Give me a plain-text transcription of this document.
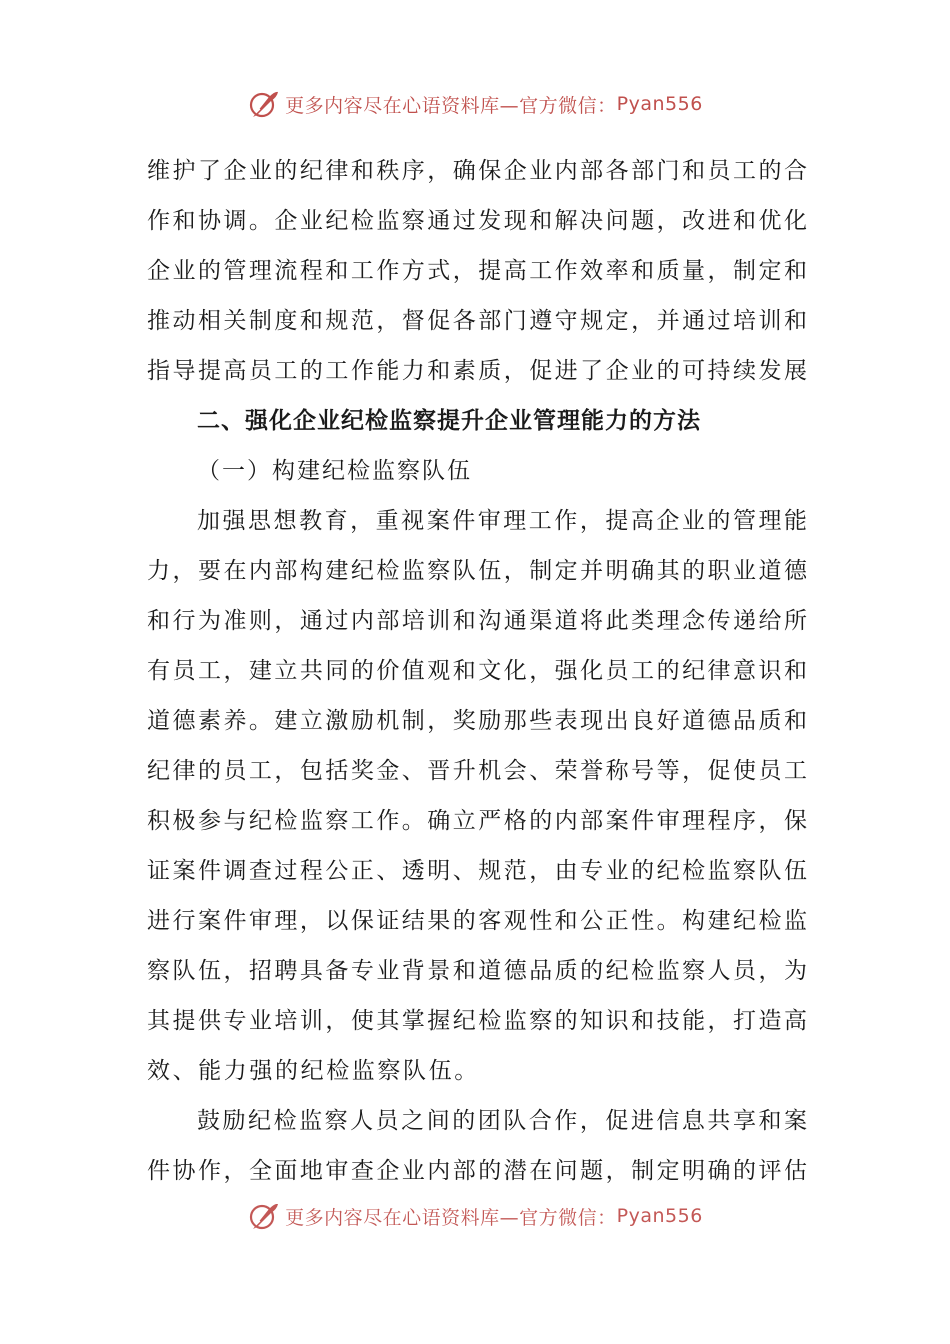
更多内容尽在心语资料库—官方微信： Pyan556
维护了企业的纪律和秩序，确保企业内部各部门和员工的合
作和协调。企业纪检监察通过发现和解决问题，改进和优化
企业的管理流程和工作方式，提高工作效率和质量，制定和
推动相关制度和规范，督促各部门遵守规定，并通过培训和
指导提高员工的工作能力和素质，促进了企业的可持续发展
二、强化企业纪检监察提升企业管理能力的方法
（一）构建纪检监察队伍
加强思想教育，重视案件审理工作，提高企业的管理能
力，要在内部构建纪检监察队伍，制定并明确其的职业道德
和行为准则，通过内部培训和沟通渠道将此类理念传递给所
有员工，建立共同的价值观和文化，强化员工的纪律意识和
道德素养。建立激励机制，奖励那些表现出良好道德品质和
纪律的员工，包括奖金、晋升机会、荣誉称号等，促使员工
积极参与纪检监察工作。确立严格的内部案件审理程序，保
证案件调查过程公正、透明、规范，由专业的纪检监察队伍
进行案件审理，以保证结果的客观性和公正性。构建纪检监
察队伍，招聘具备专业背景和道德品质的纪检监察人员，为
其提供专业培训，使其掌握纪检监察的知识和技能，打造高
效、能力强的纪检监察队伍。
鼓励纪检监察人员之间的团队合作，促进信息共享和案
件协作，全面地审查企业内部的潜在问题，制定明确的评估
更多内容尽在心语资料库—官方微信： Pyan556
